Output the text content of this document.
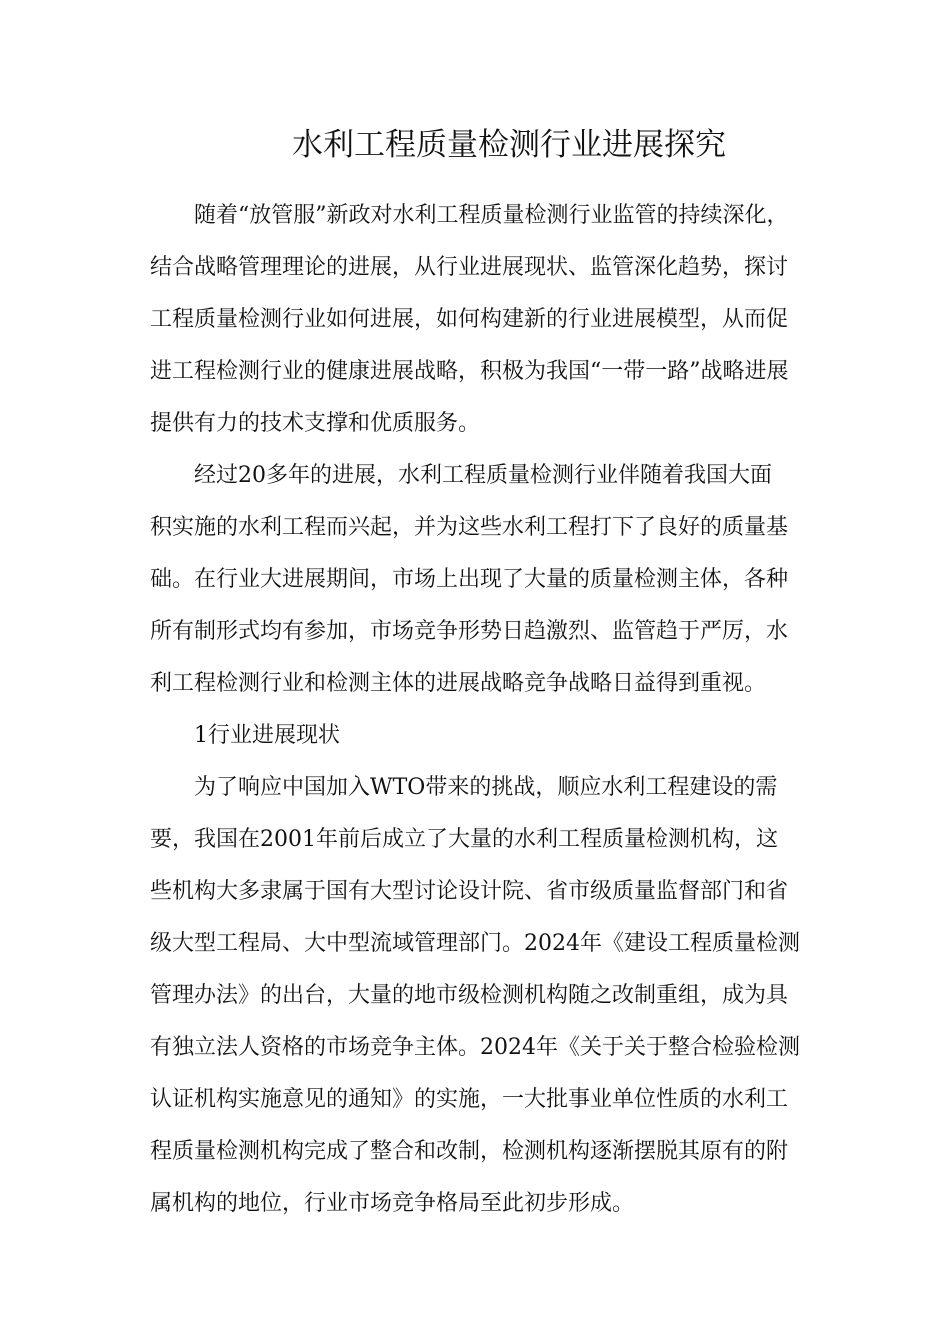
水利工程质量检测行业进展探究
随着“放管服”新政对水利工程质量检测行业监管的持续深化，
结合战略管理理论的进展，从行业进展现状、监管深化趋势，探讨
工程质量检测行业如何进展，如何构建新的行业进展模型，从而促
进工程检测行业的健康进展战略，积极为我国“一带一路”战略进展
提供有力的技术支撑和优质服务。
经过20多年的进展，水利工程质量检测行业伴随着我国大面
积实施的水利工程而兴起，并为这些水利工程打下了良好的质量基
础。在行业大进展期间，市场上出现了大量的质量检测主体，各种
所有制形式均有参加，市场竞争形势日趋激烈、监管趋于严厉，水
利工程检测行业和检测主体的进展战略竞争战略日益得到重视。
1行业进展现状
为了响应中国加入WTO带来的挑战，顺应水利工程建设的需
要，我国在2001年前后成立了大量的水利工程质量检测机构，这
些机构大多隶属于国有大型讨论设计院、省市级质量监督部门和省
级大型工程局、大中型流域管理部门。2024年《建设工程质量检测
管理办法》的出台，大量的地市级检测机构随之改制重组，成为具
有独立法人资格的市场竞争主体。2024年《关于关于整合检验检测
认证机构实施意见的通知》的实施，一大批事业单位性质的水利工
程质量检测机构完成了整合和改制，检测机构逐渐摆脱其原有的附
属机构的地位，行业市场竞争格局至此初步形成。
